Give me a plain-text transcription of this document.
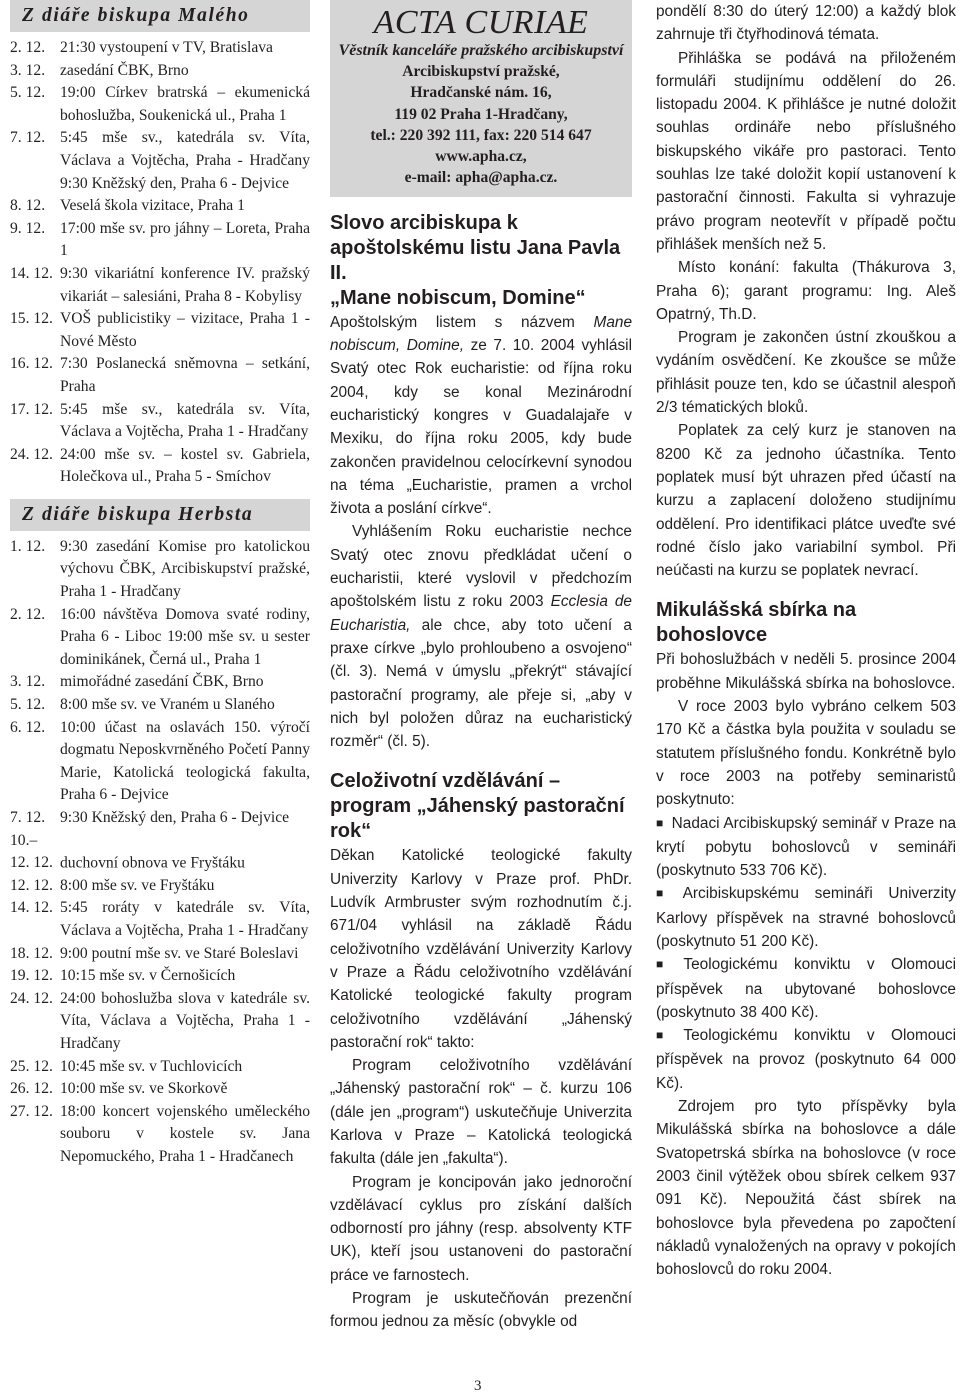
Z diáře biskupa Malého
2. 12. 21:30 vystoupení v TV, Bratislava
3. 12. zasedání ČBK, Brno
5. 12. 19:00 Církev bratrská – ekumenická bohoslužba, Soukenická ul., Praha 1
7. 12. 5:45 mše sv., katedrála sv. Víta, Václava a Vojtěcha, Praha - Hradčany 9:30 Kněžský den, Praha 6 - Dejvice
8. 12. Veselá škola vizitace, Praha 1
9. 12. 17:00 mše sv. pro jáhny – Loreta, Praha 1
14. 12. 9:30 vikariátní konference IV. pražský vikariát – salesiáni, Praha 8 - Kobylisy
15. 12. VOŠ publicistiky – vizitace, Praha 1 - Nové Město
16. 12. 7:30 Poslanecká sněmovna – setkání, Praha
17. 12. 5:45 mše sv., katedrála sv. Víta, Václava a Vojtěcha, Praha 1 - Hradčany
24. 12. 24:00 mše sv. – kostel sv. Gabriela, Holečkova ul., Praha 5 - Smíchov
Z diáře biskupa Herbsta
1. 12. 9:30 zasedání Komise pro katolickou výchovu ČBK, Arcibiskupství pražské, Praha 1 - Hradčany
2. 12. 16:00 návštěva Domova svaté rodiny, Praha 6 - Liboc 19:00 mše sv. u sester dominikánek, Černá ul., Praha 1
3. 12. mimořádné zasedání ČBK, Brno
5. 12. 8:00 mše sv. ve Vraném u Slaného
6. 12. 10:00 účast na oslavách 150. výročí dogmatu Neposkvrněného Početí Panny Marie, Katolická teologická fakulta, Praha 6 - Dejvice
7. 12. 9:30 Kněžský den, Praha 6 - Dejvice
10.– 12. 12. duchovní obnova ve Fryštáku
12. 12. 8:00 mše sv. ve Fryštáku
14. 12. 5:45 roráty v katedrále sv. Víta, Václava a Vojtěcha, Praha 1 - Hradčany
18. 12. 9:00 poutní mše sv. ve Staré Boleslavi
19. 12. 10:15 mše sv. v Černošicích
24. 12. 24:00 bohoslužba slova v katedrále sv. Víta, Václava a Vojtěcha, Praha 1 - Hradčany
25. 12. 10:45 mše sv. v Tuchlovicích
26. 12. 10:00 mše sv. ve Skorkově
27. 12. 18:00 koncert vojenského uměleckého souboru v kostele sv. Jana Nepomuckého, Praha 1 - Hradčanech
ACTA CURIAE
Věstník kanceláře pražského arcibiskupství
Arcibiskupství pražské,
Hradčanské nám. 16,
119 02 Praha 1-Hradčany,
tel.: 220 392 111, fax: 220 514 647
www.apha.cz,
e-mail: apha@apha.cz.
Slovo arcibiskupa k apoštolskému listu Jana Pavla II.
„Mane nobiscum, Domine“

Apoštolským listem s názvem Mane nobiscum, Domine, ze 7. 10. 2004 vyhlásil Svatý otec Rok eucharistie: od října roku 2004, kdy se konal Mezinárodní eucharistický kongres v Guadalajaře v Mexiku, do října roku 2005, kdy bude zakončen pravidelnou celocírkevní synodou na téma „Eucharistie, pramen a vrchol života a poslání církve“.

Vyhlášením Roku eucharistie nechce Svatý otec znovu předkládat učení o eucharistii, které vyslovil v předchozím apoštolském listu z roku 2003 Ecclesia de Eucharistia, ale chce, aby toto učení a praxe církve „bylo prohloubeno a osvojeno“ (čl. 3). Nemá v úmyslu „překrýt“ stávající pastorační programy, ale přeje si, „aby v nich byl položen důraz na eucharistický rozměr“ (čl. 5).

Celoživotní vzdělávání – program „Jáhenský pastorační rok“

Děkan Katolické teologické fakulty Univerzity Karlovy v Praze prof. PhDr. Ludvík Armbruster svým rozhodnutím č.j. 671/04 vyhlásil na základě Řádu celoživotního vzdělávání Univerzity Karlovy v Praze a Řádu celoživotního vzdělávání Katolické teologické fakulty program celoživotního vzdělávání „Jáhenský pastorační rok“ takto:

Program celoživotního vzdělávání „Jáhenský pastorační rok“ – č. kurzu 106 (dále jen „program“) uskutečňuje Univerzita Karlova v Praze – Katolická teologická fakulta (dále jen „fakulta“).

Program je koncipován jako jednoroční vzdělávací cyklus pro získání dalších odborností pro jáhny (resp. absolventy KTF UK), kteří jsou ustanoveni do pastorační práce ve farnostech.

Program je uskutečňován prezenční formou jednou za měsíc (obvykle od

pondělí 8:30 do úterý 12:00) a každý blok zahrnuje tři čtyřhodinová témata.

Přihláška se podává na přiloženém formuláři studijnímu oddělení do 26. listopadu 2004. K přihlášce je nutné doložit souhlas ordináře nebo příslušného biskupského vikáře pro pastoraci. Tento souhlas lze také doložit kopií ustanovení k pastorační činnosti. Fakulta si vyhrazuje právo program neotevřít v případě počtu přihlášek menších než 5.

Místo konání: fakulta (Thákurova 3, Praha 6); garant programu: Ing. Aleš Opatrný, Th.D.

Program je zakončen ústní zkouškou a vydáním osvědčení. Ke zkoušce se může přihlásit pouze ten, kdo se účastnil alespoň 2/3 tématických bloků.

Poplatek za celý kurz je stanoven na 8200 Kč za jednoho účastníka. Tento poplatek musí být uhrazen před účastí na kurzu a zaplacení doloženo studijnímu oddělení. Pro identifikaci plátce uveďte své rodné číslo jako variabilní symbol. Při neúčasti na kurzu se poplatek nevrací.

Mikulášská sbírka na bohoslovce

Při bohoslužbách v neděli 5. prosince 2004 proběhne Mikulášská sbírka na bohoslovce.

V roce 2003 bylo vybráno celkem 503 170 Kč a částka byla použita v souladu se statutem příslušného fondu. Konkrétně bylo v roce 2003 na potřeby seminaristů poskytnuto:

■ Nadaci Arcibiskupský seminář v Praze na krytí pobytu bohoslovců v semináři (poskytnuto 533 706 Kč).

■ Arcibiskupskému semináři Univerzity Karlovy příspěvek na stravné bohoslovců (poskytnuto 51 200 Kč).

■ Teologickému konviktu v Olomouci příspěvek na ubytované bohoslovce (poskytnuto 38 400 Kč).

■ Teologickému konviktu v Olomouci příspěvek na provoz (poskytnuto 64 000 Kč).

Zdrojem pro tyto příspěvky byla Mikulášská sbírka na bohoslovce a dále Svatopetrská sbírka na bohoslovce (v roce 2003 činil výtěžek obou sbírek celkem 937 091 Kč). Nepoužitá část sbírek na bohoslovce byla převedena po započtení nákladů vynaložených na opravy v pokojích bohoslovců do roku 2004.

3
